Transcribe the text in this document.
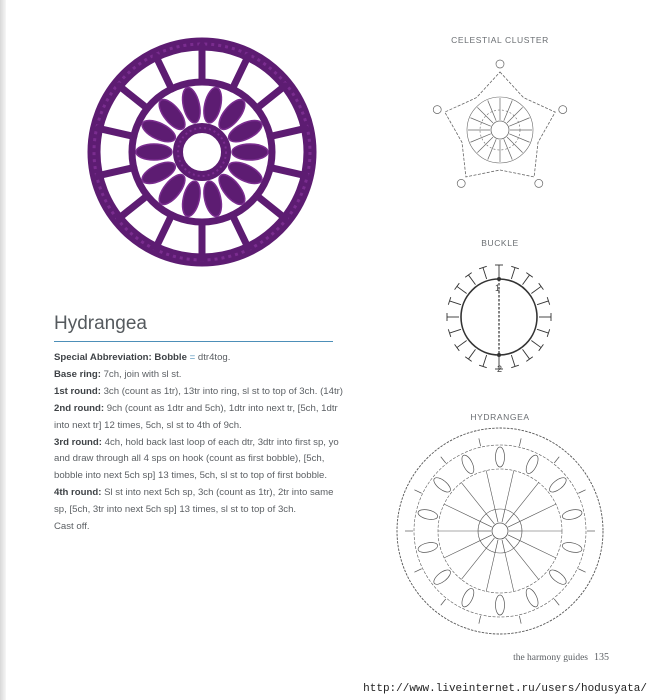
CELESTIAL CLUSTER
BUCKLE
1
2
HYDRANGEA
Hydrangea

Special Abbreviation: Bobble = dtr4tog.

Base ring: 7ch, join with sl st.

1st round: 3ch (count as 1tr), 13tr into ring, sl st to top of 3ch. (14tr)

2nd round: 9ch (count as 1dtr and 5ch), 1dtr into next tr, [5ch, 1dtr into next tr] 12 times, 5ch, sl st to 4th of 9ch.

3rd round: 4ch, hold back last loop of each dtr, 3dtr into first sp, yo and draw through all 4 sps on hook (count as first bobble), [5ch, bobble into next 5ch sp] 13 times, 5ch, sl st to top of first bobble.

4th round: Sl st into next 5ch sp, 3ch (count as 1tr), 2tr into same sp, [5ch, 3tr into next 5ch sp] 13 times, sl st to top of 3ch.

Cast off.

the harmony guides 135
http://www.liveinternet.ru/users/hodusyata/
